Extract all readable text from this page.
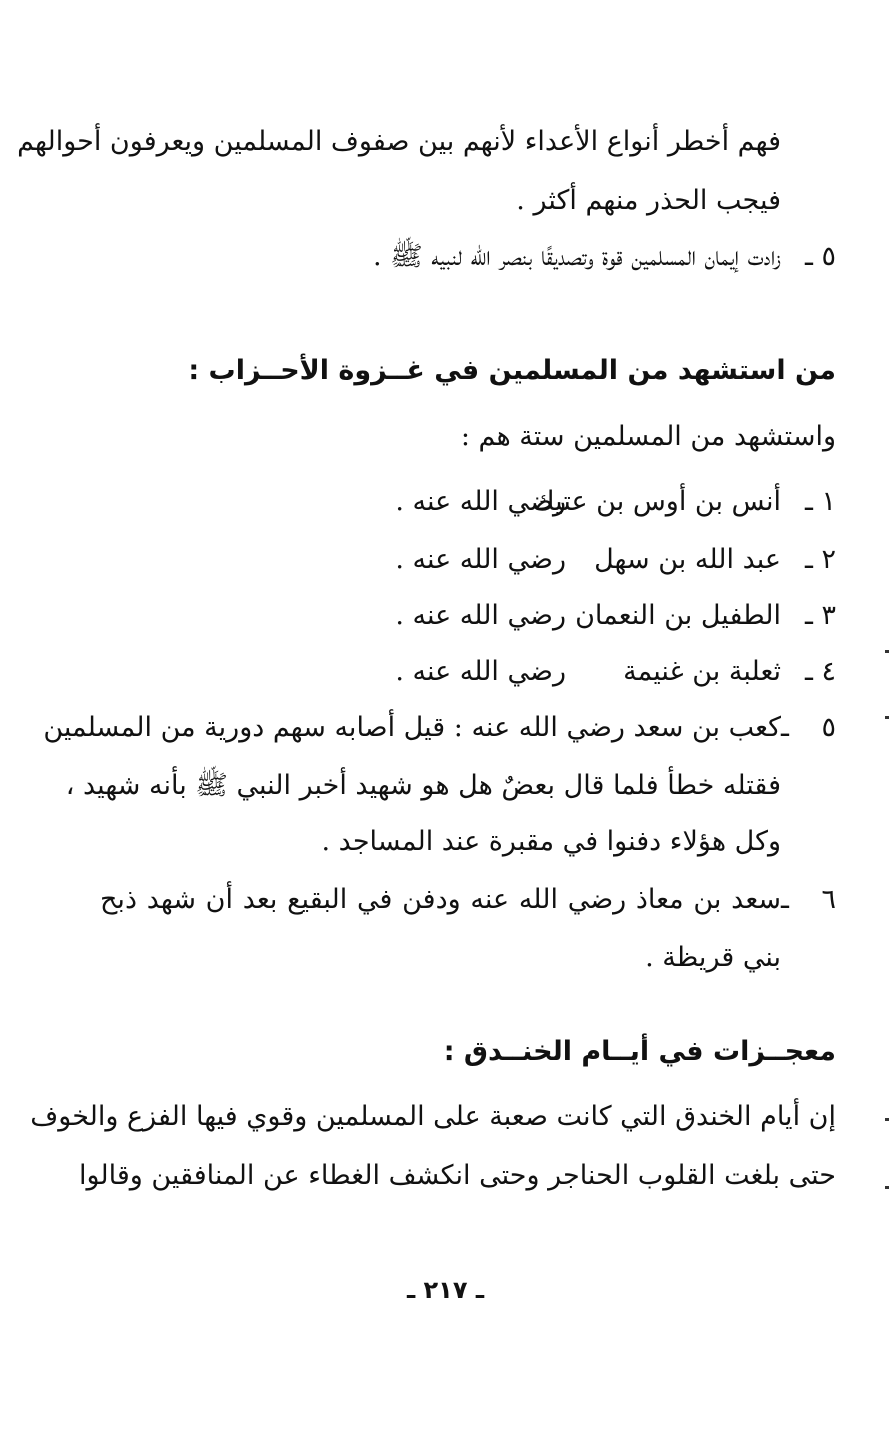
فهم أخطر أنواع الأعداء لأنهم بين صفوف المسلمين ويعرفون أحوالهم
فيجب الحذر منهم أكثر .
٥ ـزادت إيمان المسلمين قوة وتصديقًا بنصر الله لنبيه ﷺ .
من استشهد من المسلمين في غــزوة الأحــزاب :
واستشهد من المسلمين ستة هم :
١ ـأنس بن أوس بن عتيكرضي الله عنه .
٢ ـعبد الله بن سهلرضي الله عنه .
٣ ـالطفيل بن النعمانرضي الله عنه .
٤ ـثعلبة بن غنيمةرضي الله عنه .
٥ ـكعب بن سعد رضي الله عنه : قيل أصابه سهم دورية من المسلمين
فقتله خطأ فلما قال بعضٌ هل هو شهيد أخبر النبي ﷺ بأنه شهيد ،
وكل هؤلاء دفنوا في مقبرة عند المساجد .
٦ ـسعد بن معاذ رضي الله عنه ودفن في البقيع بعد أن شهد ذبح
بني قريظة .
معجــزات في أيــام الخنــدق :
إن أيام الخندق التي كانت صعبة على المسلمين وقوي فيها الفزع والخوف
حتى بلغت القلوب الحناجر وحتى انكشف الغطاء عن المنافقين وقالوا
ـ ٢١٧ ـ
